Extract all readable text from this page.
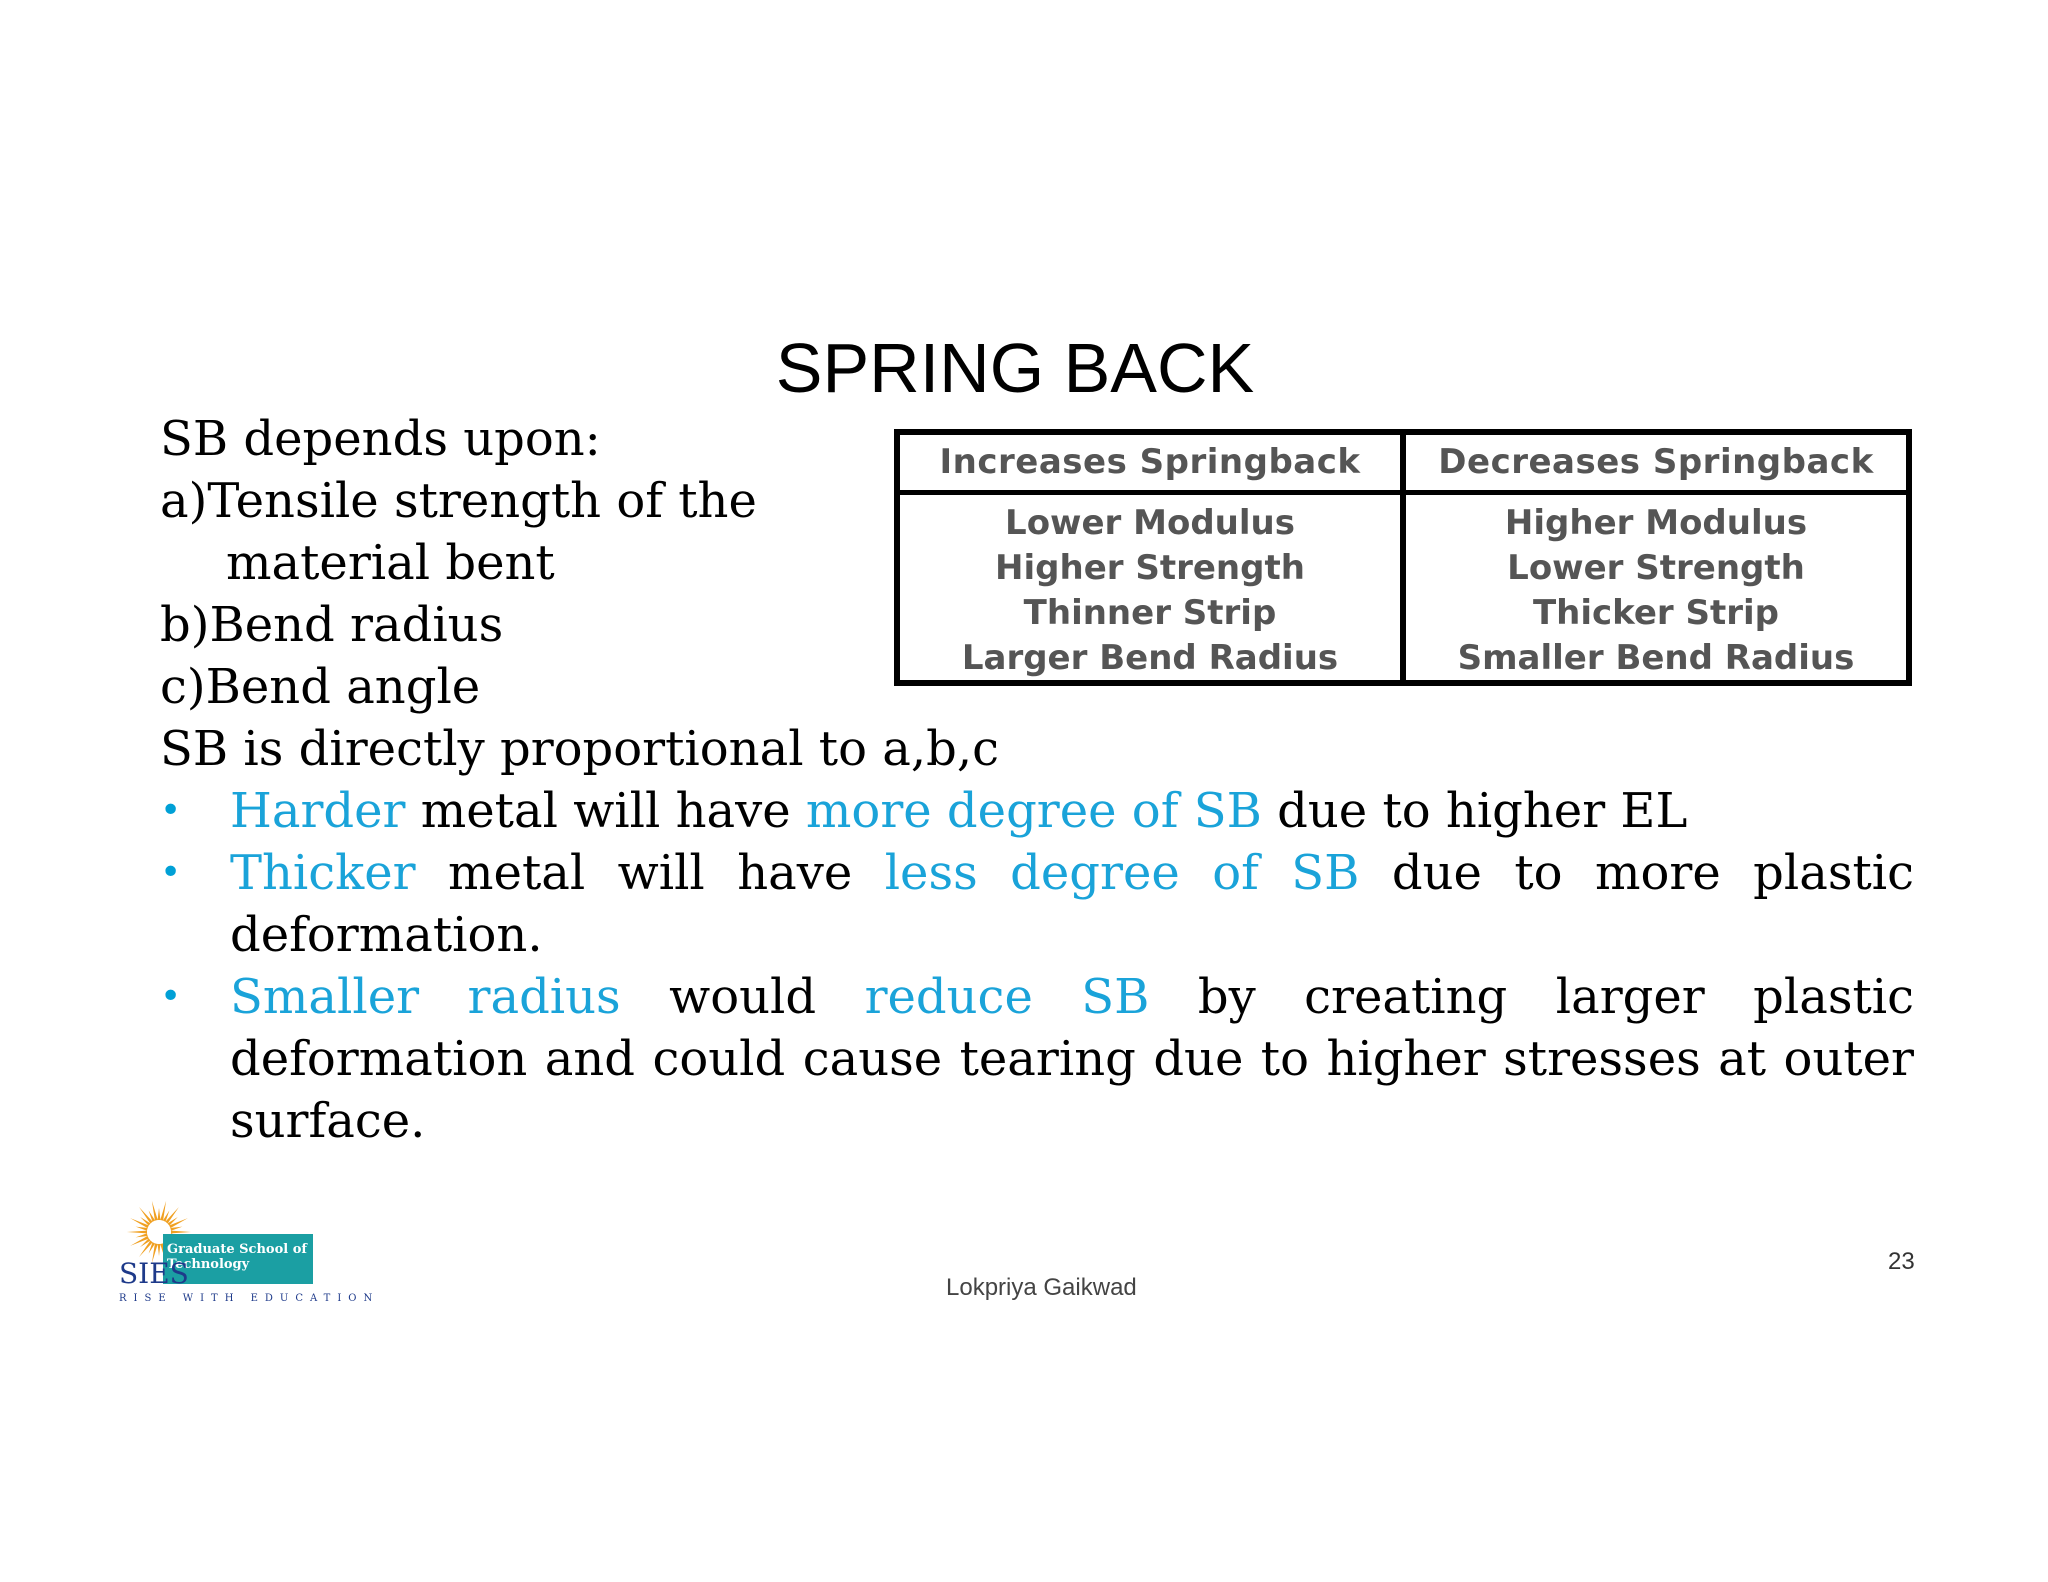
SPRING BACK
SB depends upon:
a)Tensile strength of the
material bent
b)Bend radius
c)Bend angle
SB is directly proportional to a,b,c
Increases Springback
Lower Modulus
Higher Strength
Thinner Strip
Larger Bend Radius
Decreases Springback
Higher Modulus
Lower Strength
Thicker Strip
Smaller Bend Radius
• Harder metal will have more degree of SB due to higher EL
• Thicker metal will have less degree of SB due to more plastic deformation.
• Smaller radius would reduce SB by creating larger plastic deformation and could cause tearing due to higher stresses at outer surface.
Graduate School of
Technology
SIES
RISE WITH EDUCATION	Lokpriya Gaikwad
23
